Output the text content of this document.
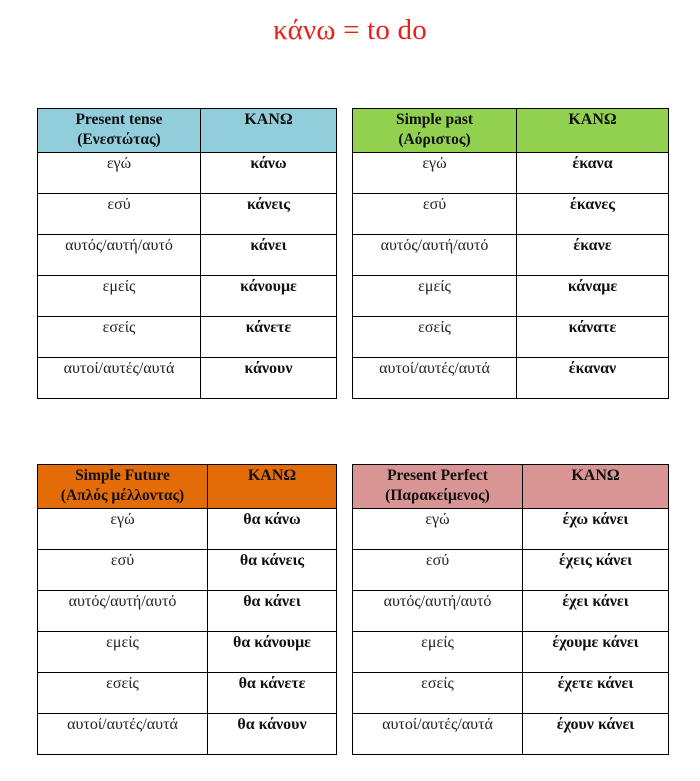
κάνω = to do
Present tense
(Ενεστώτας)	ΚΑΝΩ
εγώ	κάνω
εσύ	κάνεις
αυτός/αυτή/αυτό	κάνει
εμείς	κάνουμε
εσείς	κάνετε
αυτοί/αυτές/αυτά	κάνουν
Simple past
(Αόριστος)	ΚΑΝΩ
εγώ	έκανα
εσύ	έκανες
αυτός/αυτή/αυτό	έκανε
εμείς	κάναμε
εσείς	κάνατε
αυτοί/αυτές/αυτά	έκαναν
Simple Future
(Απλός μέλλοντας)	ΚΑΝΩ
εγώ	θα κάνω
εσύ	θα κάνεις
αυτός/αυτή/αυτό	θα κάνει
εμείς	θα κάνουμε
εσείς	θα κάνετε
αυτοί/αυτές/αυτά	θα κάνουν
Present Perfect
(Παρακείμενος)	ΚΑΝΩ
εγώ	έχω κάνει
εσύ	έχεις κάνει
αυτός/αυτή/αυτό	έχει κάνει
εμείς	έχουμε κάνει
εσείς	έχετε κάνει
αυτοί/αυτές/αυτά	έχουν κάνει
